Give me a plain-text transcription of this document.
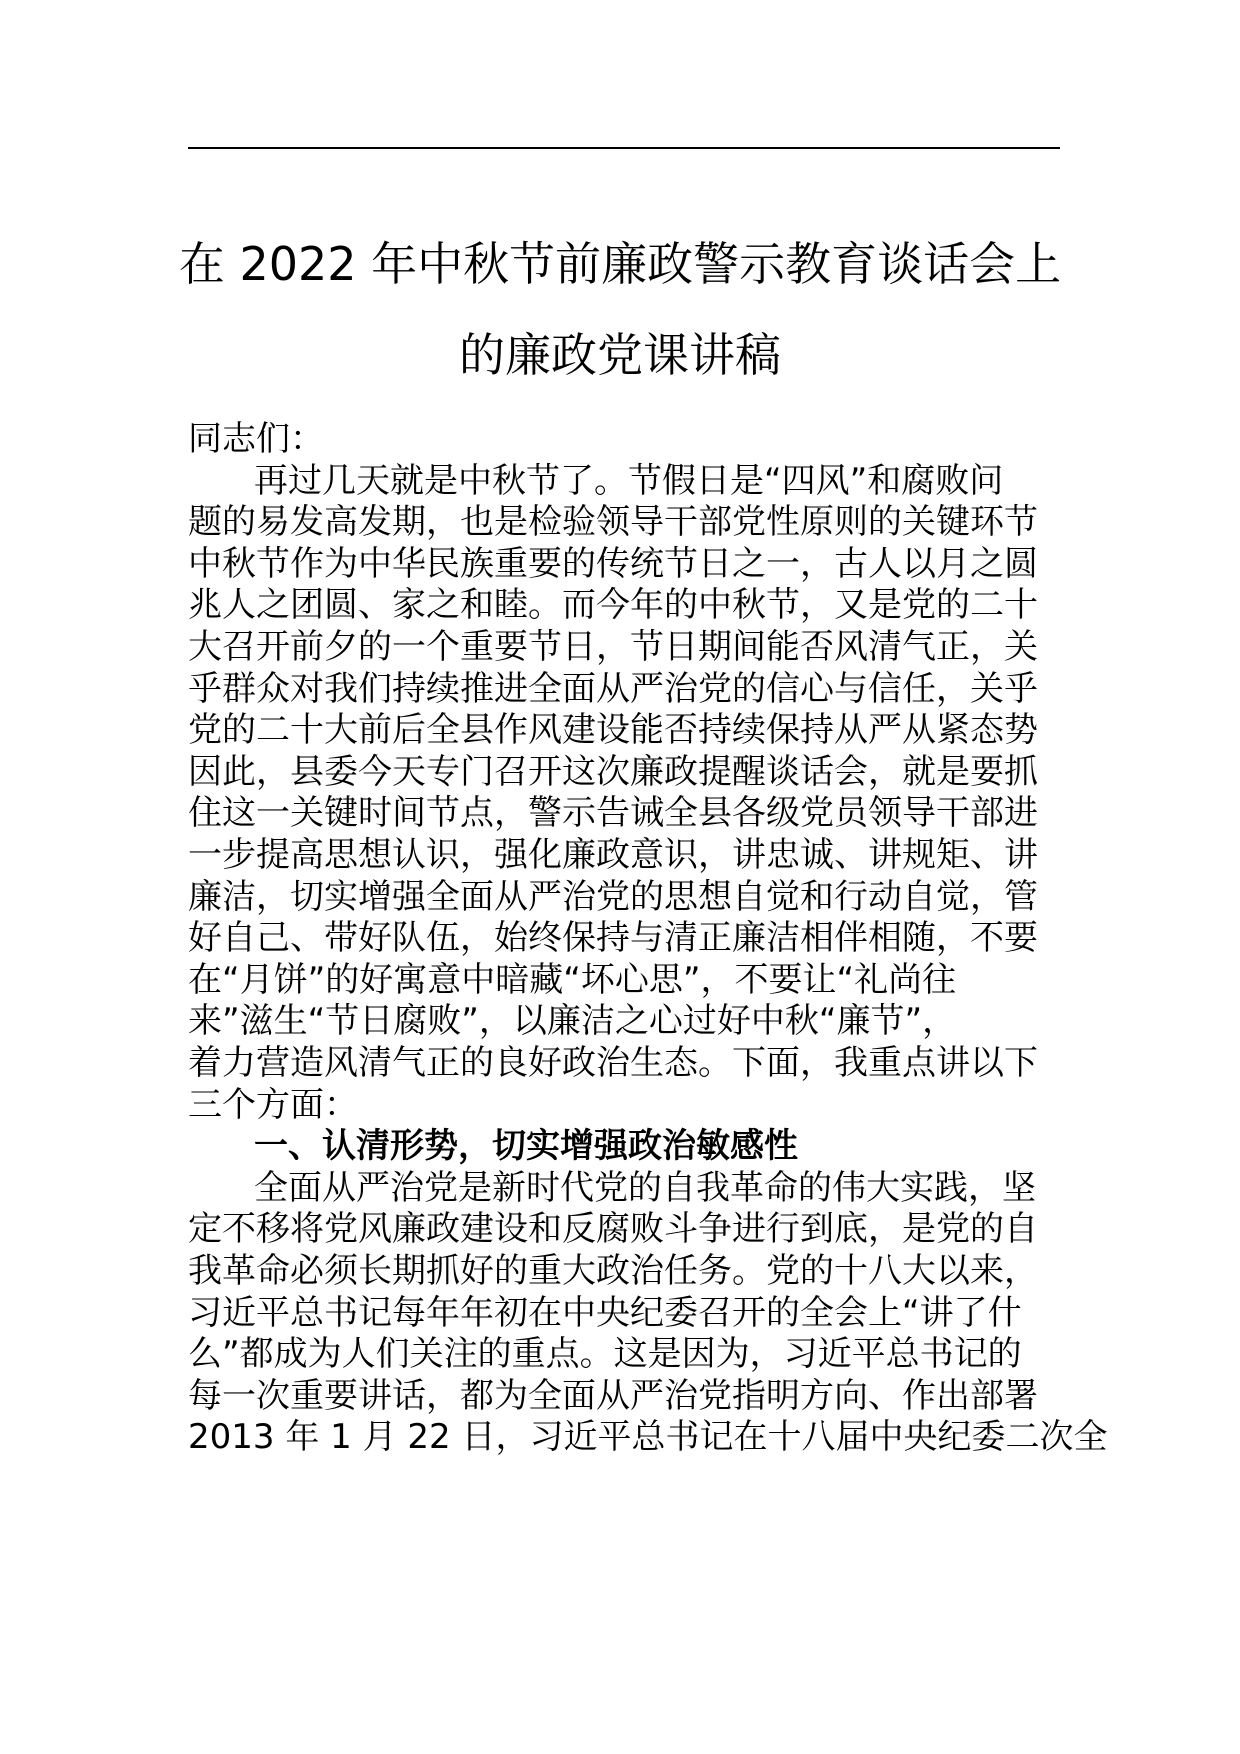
在 2022 年中秋节前廉政警示教育谈话会上
的廉政党课讲稿
同志们：
再过几天就是中秋节了。节假日是“四风”和腐败问
题的易发高发期，也是检验领导干部党性原则的关键环节
中秋节作为中华民族重要的传统节日之一，古人以月之圆
兆人之团圆、家之和睦。而今年的中秋节，又是党的二十
大召开前夕的一个重要节日，节日期间能否风清气正，关
乎群众对我们持续推进全面从严治党的信心与信任，关乎
党的二十大前后全县作风建设能否持续保持从严从紧态势
因此，县委今天专门召开这次廉政提醒谈话会，就是要抓
住这一关键时间节点，警示告诫全县各级党员领导干部进
一步提高思想认识，强化廉政意识，讲忠诚、讲规矩、讲
廉洁，切实增强全面从严治党的思想自觉和行动自觉，管
好自己、带好队伍，始终保持与清正廉洁相伴相随，不要
在“月饼”的好寓意中暗藏“坏心思”，不要让“礼尚往
来”滋生“节日腐败”，以廉洁之心过好中秋“廉节”，
着力营造风清气正的良好政治生态。下面，我重点讲以下
三个方面：
一、认清形势，切实增强政治敏感性
全面从严治党是新时代党的自我革命的伟大实践，坚
定不移将党风廉政建设和反腐败斗争进行到底，是党的自
我革命必须长期抓好的重大政治任务。党的十八大以来，
习近平总书记每年年初在中央纪委召开的全会上“讲了什
么”都成为人们关注的重点。这是因为，习近平总书记的
每一次重要讲话，都为全面从严治党指明方向、作出部署
2013 年 1 月 22 日，习近平总书记在十八届中央纪委二次全
